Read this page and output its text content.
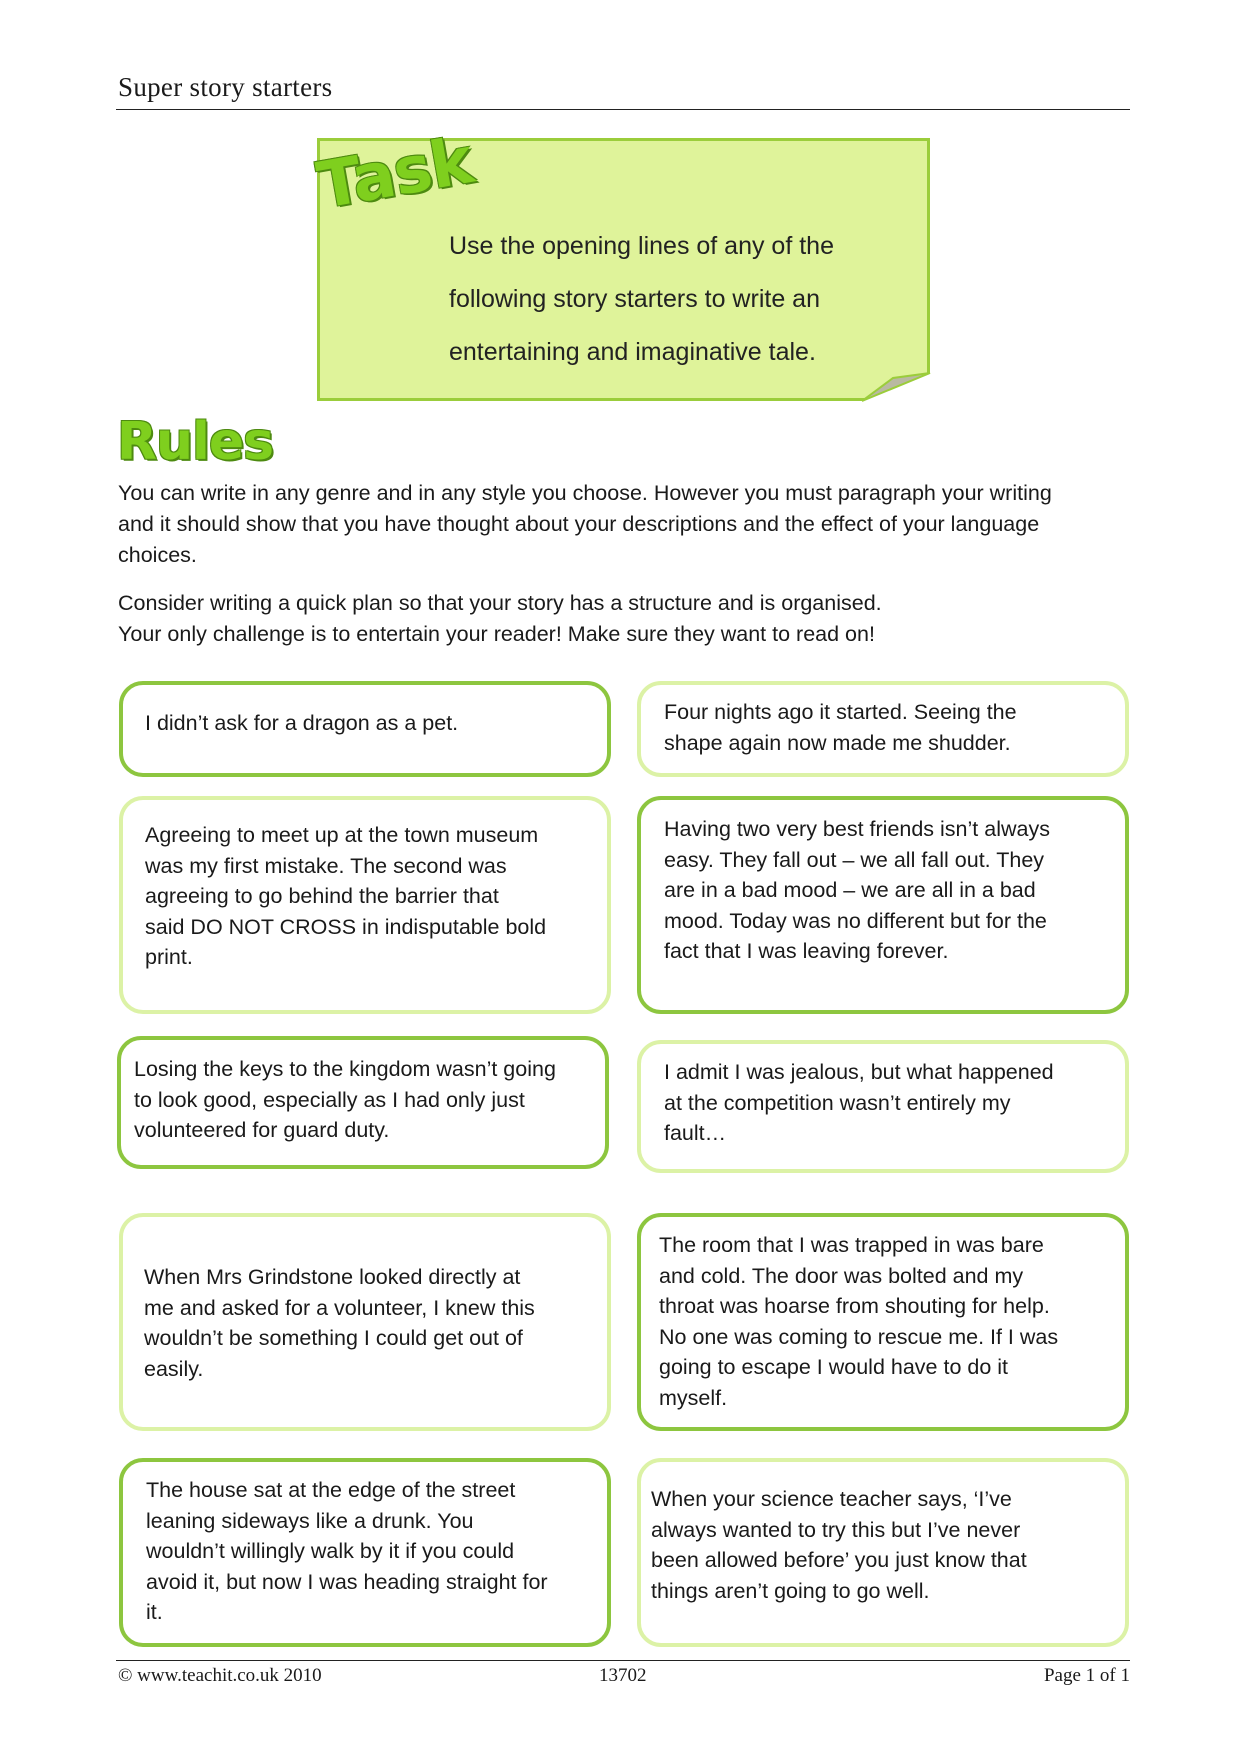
Super story starters
Task
Use the opening lines of any of the
following story starters to write an
entertaining and imaginative tale.
Rules
You can write in any genre and in any style you choose. However you must paragraph your writing
and it should show that you have thought about your descriptions and the effect of your language
choices.
Consider writing a quick plan so that your story has a structure and is organised.
Your only challenge is to entertain your reader! Make sure they want to read on!
I didn’t ask for a dragon as a pet.	Four nights ago it started. Seeing the
shape again now made me shudder.
Agreeing to meet up at the town museum
was my first mistake. The second was
agreeing to go behind the barrier that
said DO NOT CROSS in indisputable bold
print.
Having two very best friends isn’t always
easy. They fall out – we all fall out. They
are in a bad mood – we are all in a bad
mood. Today was no different but for the
fact that I was leaving forever.
Losing the keys to the kingdom wasn’t going
to look good, especially as I had only just
volunteered for guard duty.
I admit I was jealous, but what happened
at the competition wasn’t entirely my
fault…
When Mrs Grindstone looked directly at
me and asked for a volunteer, I knew this
wouldn’t be something I could get out of
easily.
The room that I was trapped in was bare
and cold. The door was bolted and my
throat was hoarse from shouting for help.
No one was coming to rescue me. If I was
going to escape I would have to do it
myself.
The house sat at the edge of the street
leaning sideways like a drunk. You
wouldn’t willingly walk by it if you could
avoid it, but now I was heading straight for
it.
When your science teacher says, ‘I’ve
always wanted to try this but I’ve never
been allowed before’ you just know that
things aren’t going to go well.
© www.teachit.co.uk 2010	13702	Page 1 of 1
